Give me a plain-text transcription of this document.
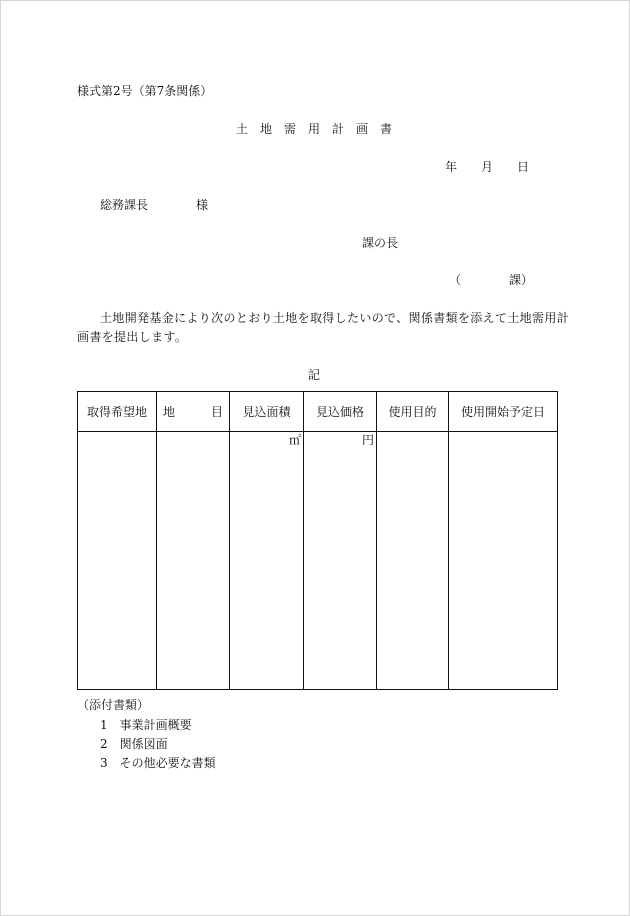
様式第2号（第7条関係）
土地需用計画書
年　　月　　日
総務課長　　　　様
課の長
（　　　　課）
土地開発基金により次のとおり土地を取得したいので、関係書類を添えて土地需用計
画書を提出します。
記
取得希望地	地　　　目	見込面積	見込価格	使用目的	使用開始予定日

		㎡	円		

（添付書類）
1　事業計画概要
2　関係図面
3　その他必要な書類
